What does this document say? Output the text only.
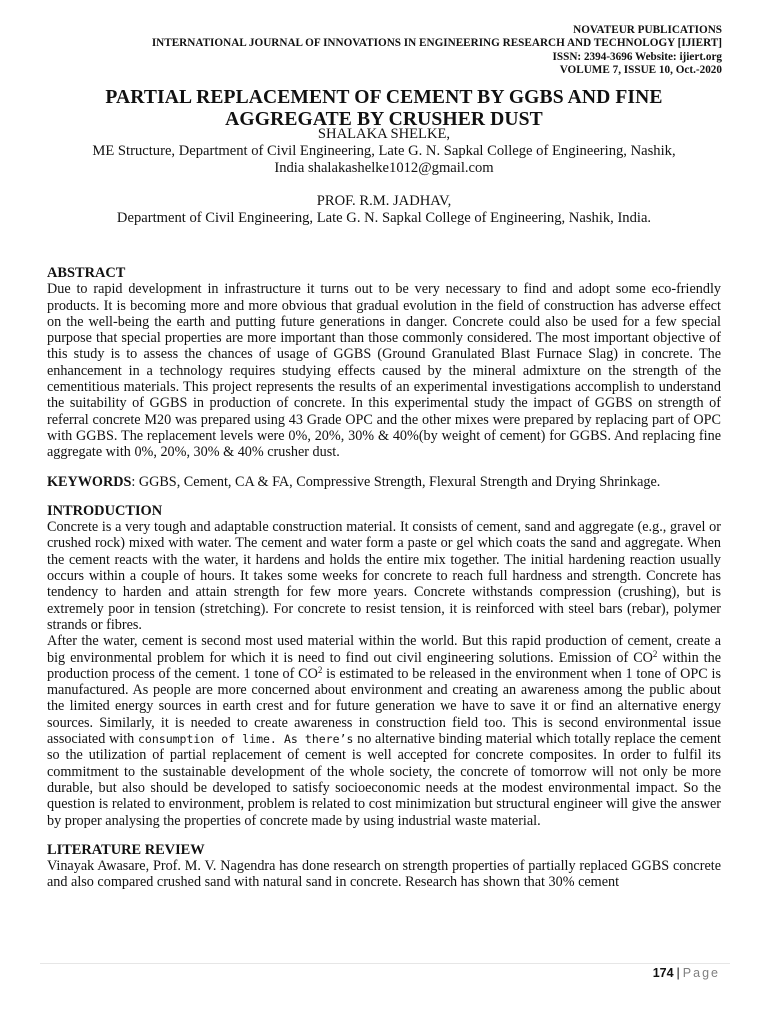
NOVATEUR PUBLICATIONS
INTERNATIONAL JOURNAL OF INNOVATIONS IN ENGINEERING RESEARCH AND TECHNOLOGY [IJIERT]
ISSN: 2394-3696 Website: ijiert.org
VOLUME 7, ISSUE 10, Oct.-2020
PARTIAL REPLACEMENT OF CEMENT BY GGBS AND FINE
AGGREGATE BY CRUSHER DUST
SHALAKA SHELKE,
ME Structure, Department of Civil Engineering, Late G. N. Sapkal College of Engineering, Nashik,
India shalakashelke1012@gmail.com
PROF. R.M. JADHAV,
Department of Civil Engineering, Late G. N. Sapkal College of Engineering, Nashik, India.
ABSTRACT

Due to rapid development in infrastructure it turns out to be very necessary to find and adopt some eco-friendly products. It is becoming more and more obvious that gradual evolution in the field of construction has adverse effect on the well-being the earth and putting future generations in danger. Concrete could also be used for a few special purpose that special properties are more important than those commonly considered. The most important objective of this study is to assess the chances of usage of GGBS (Ground Granulated Blast Furnace Slag) in concrete. The enhancement in a technology requires studying effects caused by the mineral admixture on the strength of the cementitious materials. This project represents the results of an experimental investigations accomplish to understand the suitability of GGBS in production of concrete. In this experimental study the impact of GGBS on strength of referral concrete M20 was prepared using 43 Grade OPC and the other mixes were prepared by replacing part of OPC with GGBS. The replacement levels were 0%, 20%, 30% & 40%(by weight of cement) for GGBS. And replacing fine aggregate with 0%, 20%, 30% & 40% crusher dust.

KEYWORDS: GGBS, Cement, CA & FA, Compressive Strength, Flexural Strength and Drying Shrinkage.

INTRODUCTION

Concrete is a very tough and adaptable construction material. It consists of cement, sand and aggregate (e.g., gravel or crushed rock) mixed with water. The cement and water form a paste or gel which coats the sand and aggregate. When the cement reacts with the water, it hardens and holds the entire mix together. The initial hardening reaction usually occurs within a couple of hours. It takes some weeks for concrete to reach full hardness and strength. Concrete has tendency to harden and attain strength for few more years. Concrete withstands compression (crushing), but is extremely poor in tension (stretching). For concrete to resist tension, it is reinforced with steel bars (rebar), polymer strands or fibres.

After the water, cement is second most used material within the world. But this rapid production of cement, create a big environmental problem for which it is need to find out civil engineering solutions. Emission of $CO^2$ within the production process of the cement. 1 tone of $CO^2$ is estimated to be released in the environment when 1 tone of OPC is manufactured. As people are more concerned about environment and creating an awareness among the public about the limited energy sources in earth crest and for future generation we have to save it or find an alternative energy sources. Similarly, it is needed to create awareness in construction field too. This is second environmental issue associated with consumption of lime. As there’s no alternative binding material which totally replace the cement so the utilization of partial replacement of cement is well accepted for concrete composites. In order to fulfil its commitment to the sustainable development of the whole society, the concrete of tomorrow will not only be more durable, but also should be developed to satisfy socioeconomic needs at the modest environmental impact. So the question is related to environment, problem is related to cost minimization but structural engineer will give the answer by proper analysing the properties of concrete made by using industrial waste material.

LITERATURE REVIEW

Vinayak Awasare, Prof. M. V. Nagendra has done research on strength properties of partially replaced GGBS concrete and also compared crushed sand with natural sand in concrete. Research has shown that 30% cement

174 | Page
